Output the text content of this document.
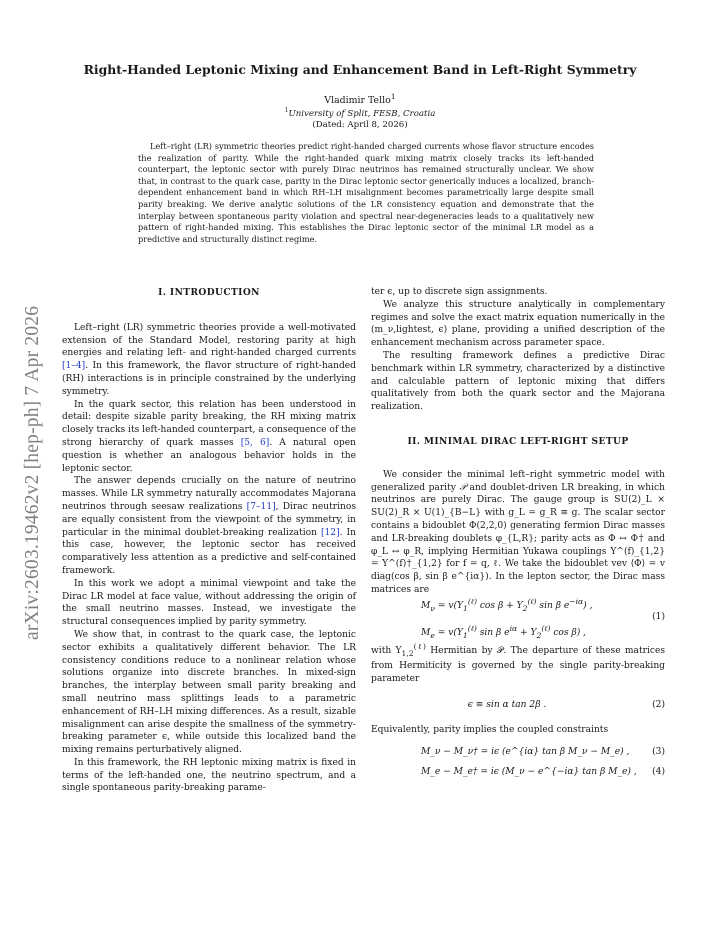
arXiv:2603.19462v2 [hep-ph] 7 Apr 2026
Right-Handed Leptonic Mixing and Enhancement Band in Left-Right Symmetry
Vladimir Tello$^1$
$^1$University of Split, FESB, Croatia
(Dated: April 8, 2026)

Left–right (LR) symmetric theories predict right-handed charged currents whose flavor structure encodes the realization of parity. While the right-handed quark mixing matrix closely tracks its left-handed counterpart, the leptonic sector with purely Dirac neutrinos has remained structurally unclear. We show that, in contrast to the quark case, parity in the Dirac leptonic sector generically induces a localized, branch-dependent enhancement band in which RH–LH misalignment becomes parametrically large despite small parity breaking. We derive analytic solutions of the LR consistency equation and demonstrate that the interplay between spontaneous parity violation and spectral near-degeneracies leads to a qualitatively new pattern of right-handed mixing. This establishes the Dirac leptonic sector of the minimal LR model as a predictive and structurally distinct regime.

I. INTRODUCTION

Left–right (LR) symmetric theories provide a well-motivated extension of the Standard Model, restoring parity at high energies and relating left- and right-handed charged currents [1–4]. In this framework, the flavor structure of right-handed (RH) interactions is in principle constrained by the underlying symmetry.

In the quark sector, this relation has been understood in detail: despite sizable parity breaking, the RH mixing matrix closely tracks its left-handed counterpart, a consequence of the strong hierarchy of quark masses [5, 6]. A natural open question is whether an analogous behavior holds in the leptonic sector.

The answer depends crucially on the nature of neutrino masses. While LR symmetry naturally accommodates Majorana neutrinos through seesaw realizations [7–11], Dirac neutrinos are equally consistent from the viewpoint of the symmetry, in particular in the minimal doublet-breaking realization [12]. In this case, however, the leptonic sector has received comparatively less attention as a predictive and self-contained framework.

In this work we adopt a minimal viewpoint and take the Dirac LR model at face value, without addressing the origin of the small neutrino masses. Instead, we investigate the structural consequences implied by parity symmetry.

We show that, in contrast to the quark case, the leptonic sector exhibits a qualitatively different behavior. The LR consistency conditions reduce to a nonlinear relation whose solutions organize into discrete branches. In mixed-sign branches, the interplay between small parity breaking and small neutrino mass splittings leads to a parametric enhancement of RH–LH mixing differences. As a result, sizable misalignment can arise despite the smallness of the symmetry-breaking parameter ϵ, while outside this localized band the mixing remains perturbatively aligned.

In this framework, the RH leptonic mixing matrix is fixed in terms of the left-handed one, the neutrino spectrum, and a single spontaneous parity-breaking parame-

ter ϵ, up to discrete sign assignments.

We analyze this structure analytically in complementary regimes and solve the exact matrix equation numerically in the (m_ν,lightest, ϵ) plane, providing a unified description of the enhancement mechanism across parameter space.

The resulting framework defines a predictive Dirac benchmark within LR symmetry, characterized by a distinctive and calculable pattern of leptonic mixing that differs qualitatively from both the quark sector and the Majorana realization.

II. MINIMAL DIRAC LEFT-RIGHT SETUP

We consider the minimal left–right symmetric model with generalized parity 𝒫 and doublet-driven LR breaking, in which neutrinos are purely Dirac. The gauge group is SU(2)_L × SU(2)_R × U(1)_{B−L} with g_L = g_R ≡ g. The scalar sector contains a bidoublet Φ(2,2,0) generating fermion Dirac masses and LR-breaking doublets φ_{L,R}; parity acts as Φ ↔ Φ† and φ_L ↔ φ_R, implying Hermitian Yukawa couplings Y^(f)_{1,2} = Y^(f)†_{1,2} for f = q, ℓ. We take the bidoublet vev ⟨Φ⟩ = v diag(cos β, sin β e^{iα}). In the lepton sector, the Dirac mass matrices are

$M_\nu = v(Y_1^{(\ell)}$ $\cos \beta + Y_2^{(\ell)}$ sin β $e^{-i\alpha}$) ,
$M_e = v(Y_1^{(\ell)}$ sin β $e^{i\alpha} + Y_2^{(\ell)}$ cos β) ,
(1)

with $Y_{1,2}^{(\ell)}$ Hermitian by 𝒫. The departure of these matrices from Hermiticity is governed by the single parity-breaking parameter

ϵ ≡ sin α tan 2β .	(2)

Equivalently, parity implies the coupled constraints

M_ν − M_ν† = iϵ (e^{iα} tan β M_ν − M_e) ,	(3)
M_e − M_e† = iϵ (M_ν − e^{−iα} tan β M_e) ,	(4)
